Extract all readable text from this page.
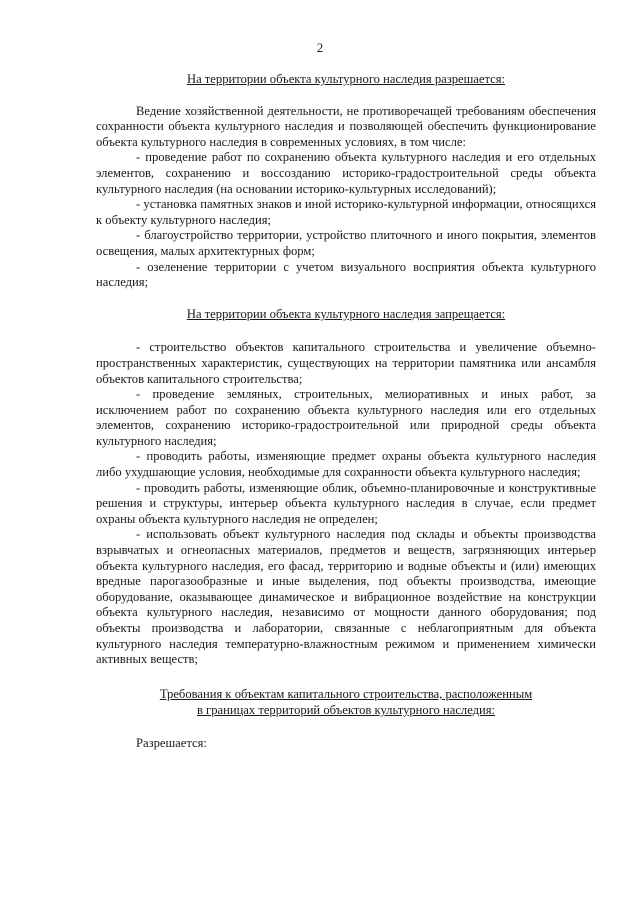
2
На территории объекта культурного наследия разрешается:

Ведение хозяйственной деятельности, не противоречащей требованиям обеспечения сохранности объекта культурного наследия и позволяющей обеспечить функционирование объекта культурного наследия в современных условиях, в том числе:

- проведение работ по сохранению объекта культурного наследия и его отдельных элементов, сохранению и воссозданию историко-градостроительной среды объекта культурного наследия (на основании историко-культурных исследований);

- установка памятных знаков и иной историко-культурной информации, относящихся к объекту культурного наследия;

- благоустройство территории, устройство плиточного и иного покрытия, элементов освещения, малых архитектурных форм;

- озеленение территории с учетом визуального восприятия объекта культурного наследия;

На территории объекта культурного наследия запрещается:

- строительство объектов капитального строительства и увеличение объемно-пространственных характеристик, существующих на территории памятника или ансамбля объектов капитального строительства;

- проведение земляных, строительных, мелиоративных и иных работ, за исключением работ по сохранению объекта культурного наследия или его отдельных элементов, сохранению историко-градостроительной или природной среды объекта культурного наследия;

- проводить работы, изменяющие предмет охраны объекта культурного наследия либо ухудшающие условия, необходимые для сохранности объекта культурного наследия;

- проводить работы, изменяющие облик, объемно-планировочные и конструктивные решения и структуры, интерьер объекта культурного наследия в случае, если предмет охраны объекта культурного наследия не определен;

- использовать объект культурного наследия под склады и объекты производства взрывчатых и огнеопасных материалов, предметов и веществ, загрязняющих интерьер объекта культурного наследия, его фасад, территорию и водные объекты и (или) имеющих вредные парогазообразные и иные выделения, под объекты производства, имеющие оборудование, оказывающее динамическое и вибрационное воздействие на конструкции объекта культурного наследия, независимо от мощности данного оборудования; под объекты производства и лаборатории, связанные с неблагоприятным для объекта культурного наследия температурно-влажностным режимом и применением химически активных веществ;

Требования к объектам капитального строительства, расположенным
в границах территорий объектов культурного наследия:
Разрешается:
